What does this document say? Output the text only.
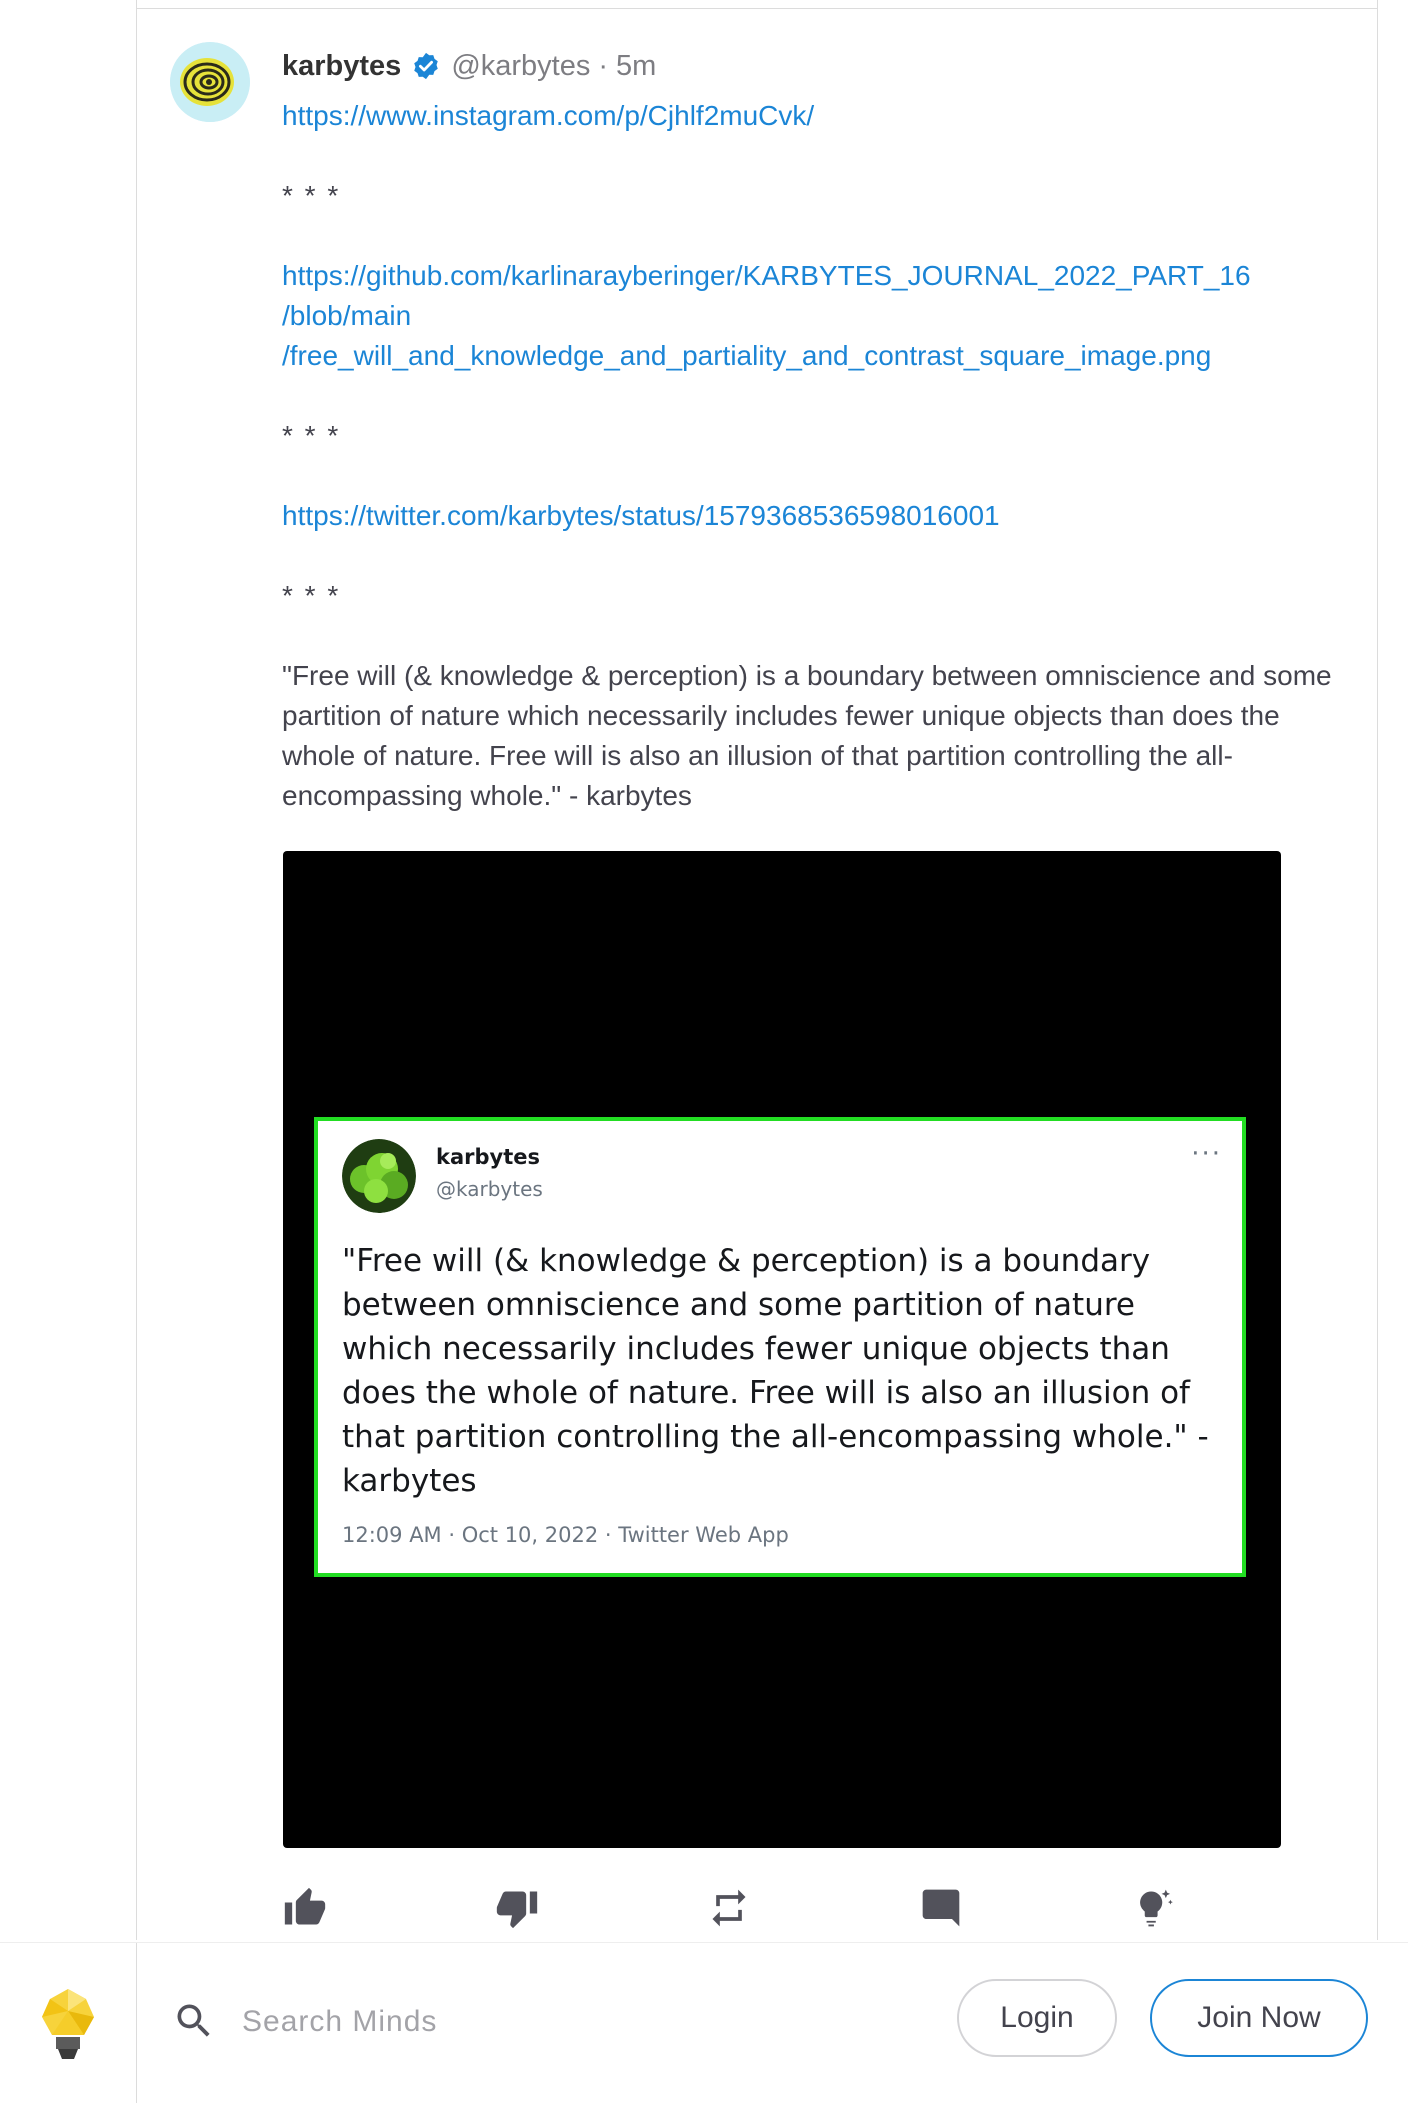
karbytes @karbytes · 5m
https://www.instagram.com/p/Cjhlf2muCvk/
* * *
https://github.com/karlinarayberinger/KARBYTES_JOURNAL_2022_PART_16
/blob/main
/free_will_and_knowledge_and_partiality_and_contrast_square_image.png
* * *
https://twitter.com/karbytes/status/1579368536598016001
* * *
"Free will (& knowledge & perception) is a boundary between omniscience and some partition of nature which necessarily includes fewer unique objects than does the whole of nature. Free will is also an illusion of that partition controlling the all-encompassing whole." - karbytes
karbytes
@karbytes
···
"Free will (& knowledge & perception) is a boundary between omniscience and some partition of nature which necessarily includes fewer unique objects than does the whole of nature. Free will is also an illusion of that partition controlling the all-encompassing whole." - karbytes
12:09 AM · Oct 10, 2022 · Twitter Web App
Search Minds
Login	Join Now
